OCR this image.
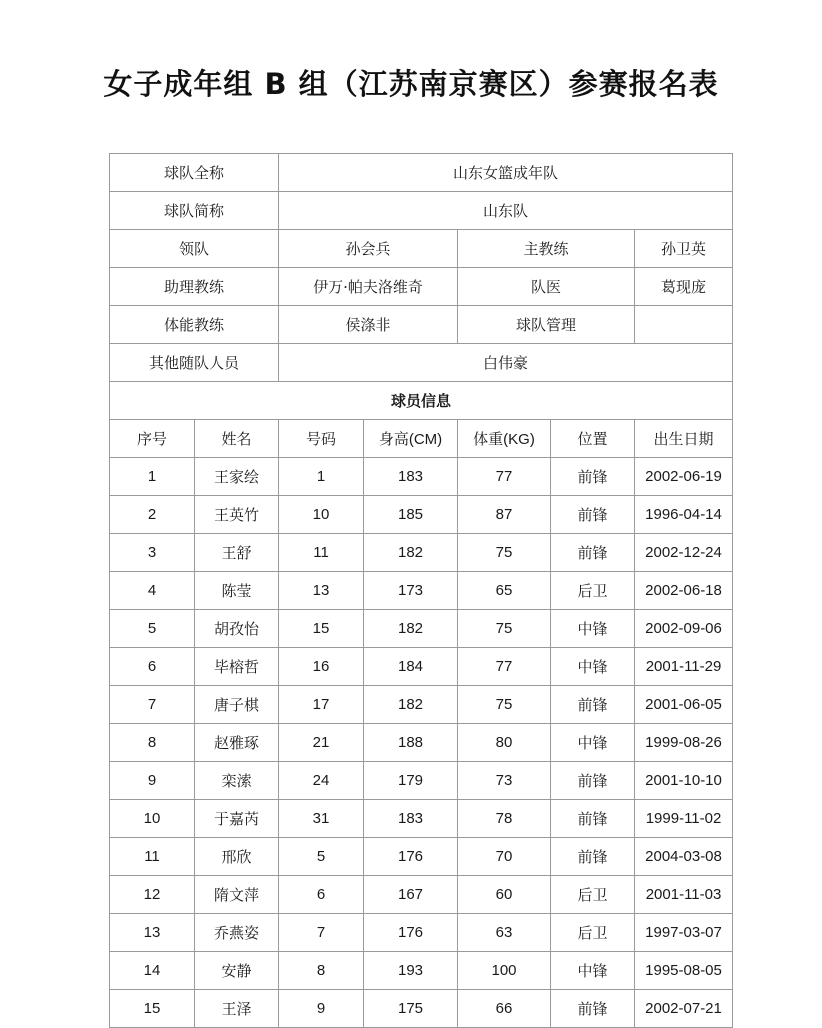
女子成年组 B 组（江苏南京赛区）参赛报名表
球队全称		山东女篮成年队				
球队简称		山东队				
领队		孙会兵		主教练		孙卫英
助理教练		伊万·帕夫洛维奇		队医		葛现庞
体能教练		侯涤非		球队管理		
其他随队人员		白伟豪				
球员信息						
序号	姓名	号码	身高(CM)	体重(KG)	位置	出生日期
1	王家绘	1	183	77	前锋	2002-06-19
2	王英竹	10	185	87	前锋	1996-04-14
3	王舒	11	182	75	前锋	2002-12-24
4	陈莹	13	173	65	后卫	2002-06-18
5	胡孜怡	15	182	75	中锋	2002-09-06
6	毕榕哲	16	184	77	中锋	2001-11-29
7	唐子棋	17	182	75	前锋	2001-06-05
8	赵雅琢	21	188	80	中锋	1999-08-26
9	栾溹	24	179	73	前锋	2001-10-10
10	于嘉芮	31	183	78	前锋	1999-11-02
11	邢欣	5	176	70	前锋	2004-03-08
12	隋文萍	6	167	60	后卫	2001-11-03
13	乔燕姿	7	176	63	后卫	1997-03-07
14	安静	8	193	100	中锋	1995-08-05
15	王泽	9	175	66	前锋	2002-07-21
